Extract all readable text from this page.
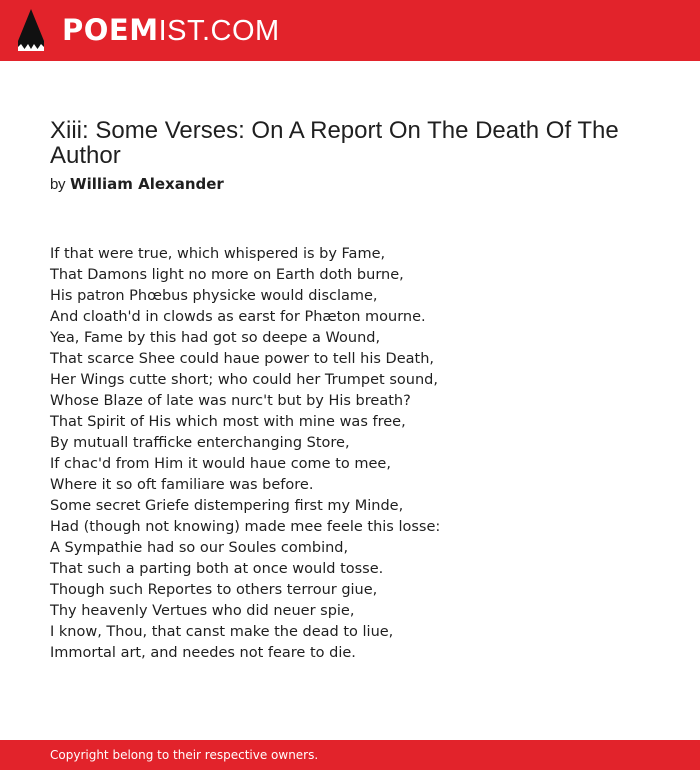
POEMIST.COM
Xiii: Some Verses: On A Report On The Death Of The Author
by William Alexander
If that were true, which whispered is by Fame,
That Damons light no more on Earth doth burne,
His patron Phœbus physicke would disclame,
And cloath'd in clowds as earst for Phæton mourne.
Yea, Fame by this had got so deepe a Wound,
That scarce Shee could haue power to tell his Death,
Her Wings cutte short; who could her Trumpet sound,
Whose Blaze of late was nurc't but by His breath?
That Spirit of His which most with mine was free,
By mutuall trafficke enterchanging Store,
If chac'd from Him it would haue come to mee,
Where it so oft familiare was before.
Some secret Griefe distempering first my Minde,
Had (though not knowing) made mee feele this losse:
A Sympathie had so our Soules combind,
That such a parting both at once would tosse.
Though such Reportes to others terrour giue,
Thy heavenly Vertues who did neuer spie,
I know, Thou, that canst make the dead to liue,
Immortal art, and needes not feare to die.
Copyright belong to their respective owners.
